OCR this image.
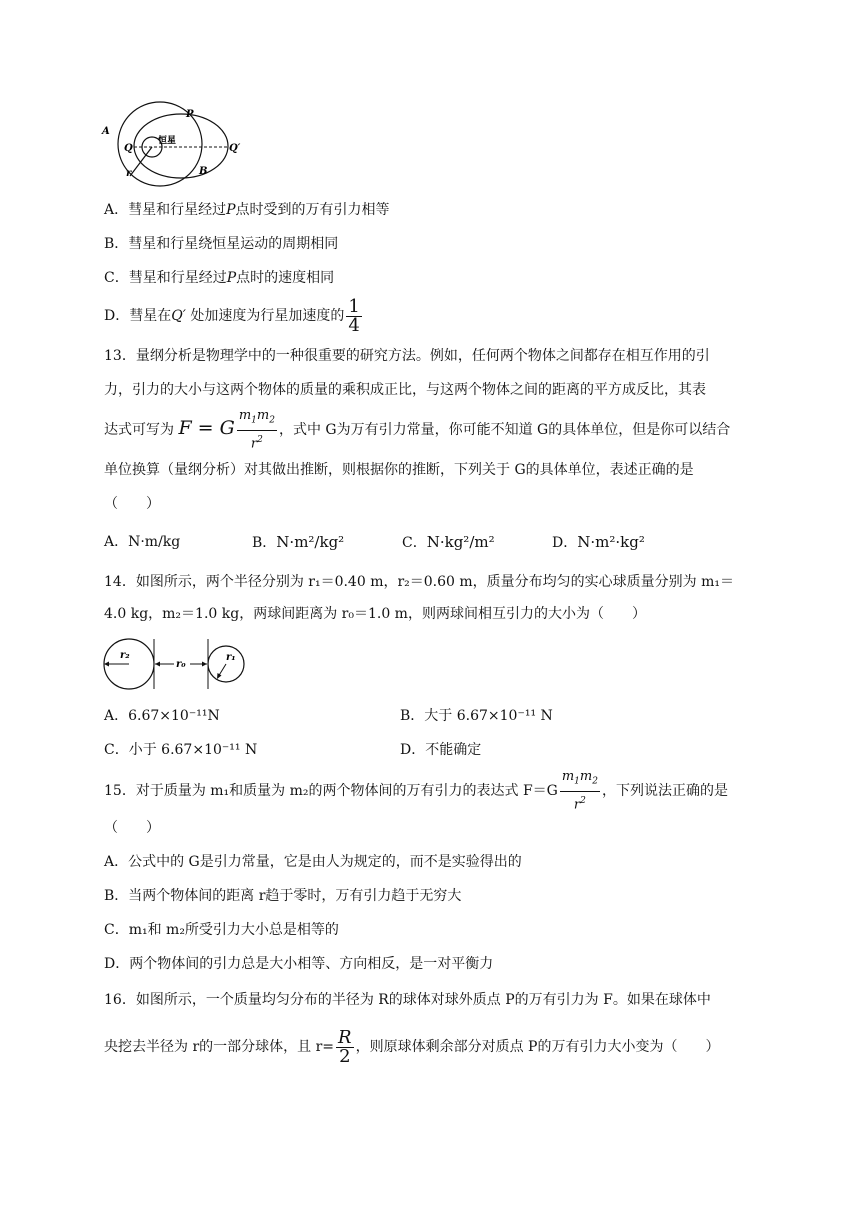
A
P
恒星
Q	Q′
r	B
A．彗星和行星经过P点时受到的万有引力相等
B．彗星和行星绕恒星运动的周期相同
C．彗星和行星经过P点时的速度相同
D．彗星在Q′ 处加速度为行星加速度的 $\frac{1}{4}$
13．量纲分析是物理学中的一种很重要的研究方法。例如，任何两个物体之间都存在相互作用的引
力，引力的大小与这两个物体的质量的乘积成正比，与这两个物体之间的距离的平方成反比，其表
达式可写为 F = G $\frac{m_1m_2}{r^2}$ ，式中 G为万有引力常量，你可能不知道 G的具体单位，但是你可以结合
单位换算（量纲分析）对其做出推断，则根据你的推断，下列关于 G的具体单位，表述正确的是
（　　）
A．N·m/kg	B．N·m²/kg²	C．N·kg²/m²	D．N·m²·kg²
14．如图所示，两个半径分别为 r₁＝0.40 m，r₂＝0.60 m，质量分布均匀的实心球质量分别为 m₁＝
4.0 kg，m₂＝1.0 kg，两球间距离为 r₀＝1.0 m，则两球间相互引力的大小为（　　）
r₂
r₀
r₁
A．6.67×10⁻¹¹N	B．大于 6.67×10⁻¹¹ N
C．小于 6.67×10⁻¹¹ N	D．不能确定
15．对于质量为 m₁和质量为 m₂的两个物体间的万有引力的表达式 $F=G \frac{m_1m_2}{r^2}$ ，下列说法正确的是
（　　）
A．公式中的 G是引力常量，它是由人为规定的，而不是实验得出的
B．当两个物体间的距离 r趋于零时，万有引力趋于无穷大
C．m₁和 m₂所受引力大小总是相等的
D．两个物体间的引力总是大小相等、方向相反，是一对平衡力
16．如图所示，一个质量均匀分布的半径为 R的球体对球外质点 P的万有引力为 F。如果在球体中
央挖去半径为 r的一部分球体，且 $r= \frac{R}{2}$ ，则原球体剩余部分对质点 P的万有引力大小变为（　　）
